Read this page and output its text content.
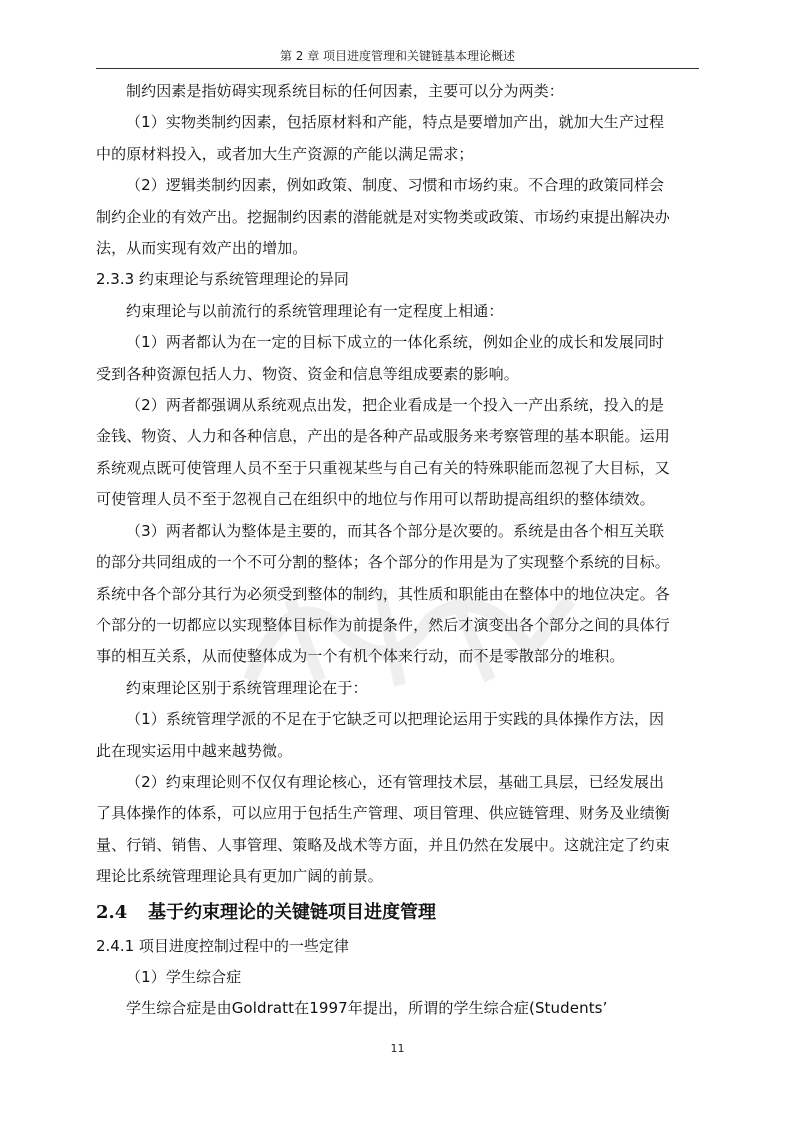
第 2 章 项目进度管理和关键链基本理论概述

制约因素是指妨碍实现系统目标的任何因素，主要可以分为两类：

（1）实物类制约因素，包括原材料和产能，特点是要增加产出，就加大生产过程

中的原材料投入，或者加大生产资源的产能以满足需求；

（2）逻辑类制约因素，例如政策、制度、习惯和市场约束。不合理的政策同样会

制约企业的有效产出。挖掘制约因素的潜能就是对实物类或政策、市场约束提出解决办

法，从而实现有效产出的增加。

2.3.3 约束理论与系统管理理论的异同

约束理论与以前流行的系统管理理论有一定程度上相通：

（1）两者都认为在一定的目标下成立的一体化系统，例如企业的成长和发展同时

受到各种资源包括人力、物资、资金和信息等组成要素的影响。

（2）两者都强调从系统观点出发，把企业看成是一个投入一产出系统，投入的是

金钱、物资、人力和各种信息，产出的是各种产品或服务来考察管理的基本职能。运用

系统观点既可使管理人员不至于只重视某些与自己有关的特殊职能而忽视了大目标，又

可使管理人员不至于忽视自己在组织中的地位与作用可以帮助提高组织的整体绩效。

（3）两者都认为整体是主要的，而其各个部分是次要的。系统是由各个相互关联

的部分共同组成的一个不可分割的整体；各个部分的作用是为了实现整个系统的目标。

系统中各个部分其行为必须受到整体的制约，其性质和职能由在整体中的地位决定。各

个部分的一切都应以实现整体目标作为前提条件，然后才演变出各个部分之间的具体行

事的相互关系，从而使整体成为一个有机个体来行动，而不是零散部分的堆积。

约束理论区别于系统管理理论在于：

（1）系统管理学派的不足在于它缺乏可以把理论运用于实践的具体操作方法，因

此在现实运用中越来越势微。

（2）约束理论则不仅仅有理论核心，还有管理技术层，基础工具层，已经发展出

了具体操作的体系，可以应用于包括生产管理、项目管理、供应链管理、财务及业绩衡

量、行销、销售、人事管理、策略及战术等方面，并且仍然在发展中。这就注定了约束

理论比系统管理理论具有更加广阔的前景。

2.4 基于约束理论的关键链项目进度管理

2.4.1 项目进度控制过程中的一些定律

（1）学生综合症

学生综合症是由Goldratt在1997年提出，所谓的学生综合症(Students’

11
